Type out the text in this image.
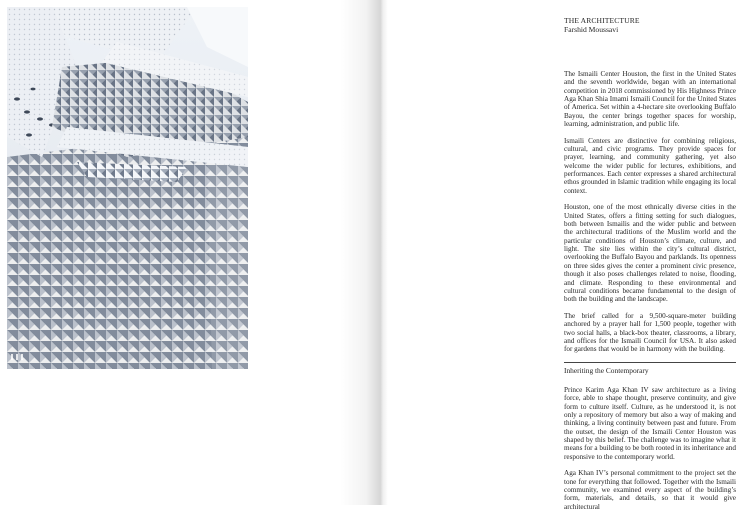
THE ARCHITECTURE

Farshid Moussavi

The Ismaili Center Houston, the first in the United States and the seventh worldwide, began with an international competition in 2018 commissioned by His Highness Prince Aga Khan Shia Imami Ismaili Council for the United States of America. Set within a 4-hectare site overlooking Buffalo Bayou, the center brings together spaces for worship, learning, administration, and public life.

Ismaili Centers are distinctive for combining religious, cultural, and civic programs. They provide spaces for prayer, learning, and community gathering, yet also welcome the wider public for lectures, exhibitions, and performances. Each center expresses a shared architectural ethos grounded in Islamic tradition while engaging its local context.

Houston, one of the most ethnically diverse cities in the United States, offers a fitting setting for such dialogues, both between Ismailis and the wider public and between the architectural traditions of the Muslim world and the particular conditions of Houston’s climate, culture, and light. The site lies within the city’s cultural district, overlooking the Buffalo Bayou and parklands. Its openness on three sides gives the center a prominent civic presence, though it also poses challenges related to noise, flooding, and climate. Responding to these environmental and cultural conditions became fundamental to the design of both the building and the landscape.

The brief called for a 9,500-square-meter building anchored by a prayer hall for 1,500 people, together with two social halls, a black-box theater, classrooms, a library, and offices for the Ismaili Council for USA. It also asked for gardens that would be in harmony with the building.

Inheriting the Contemporary

Prince Karim Aga Khan IV saw architecture as a living force, able to shape thought, preserve continuity, and give form to culture itself. Culture, as he understood it, is not only a repository of memory but also a way of making and thinking, a living continuity between past and future. From the outset, the design of the Ismaili Center Houston was shaped by this belief. The challenge was to imagine what it means for a building to be both rooted in its inheritance and responsive to the contemporary world.

Aga Khan IV’s personal commitment to the project set the tone for everything that followed. Together with the Ismaili community, we examined every aspect of the building’s form, materials, and details, so that it would give architectural
